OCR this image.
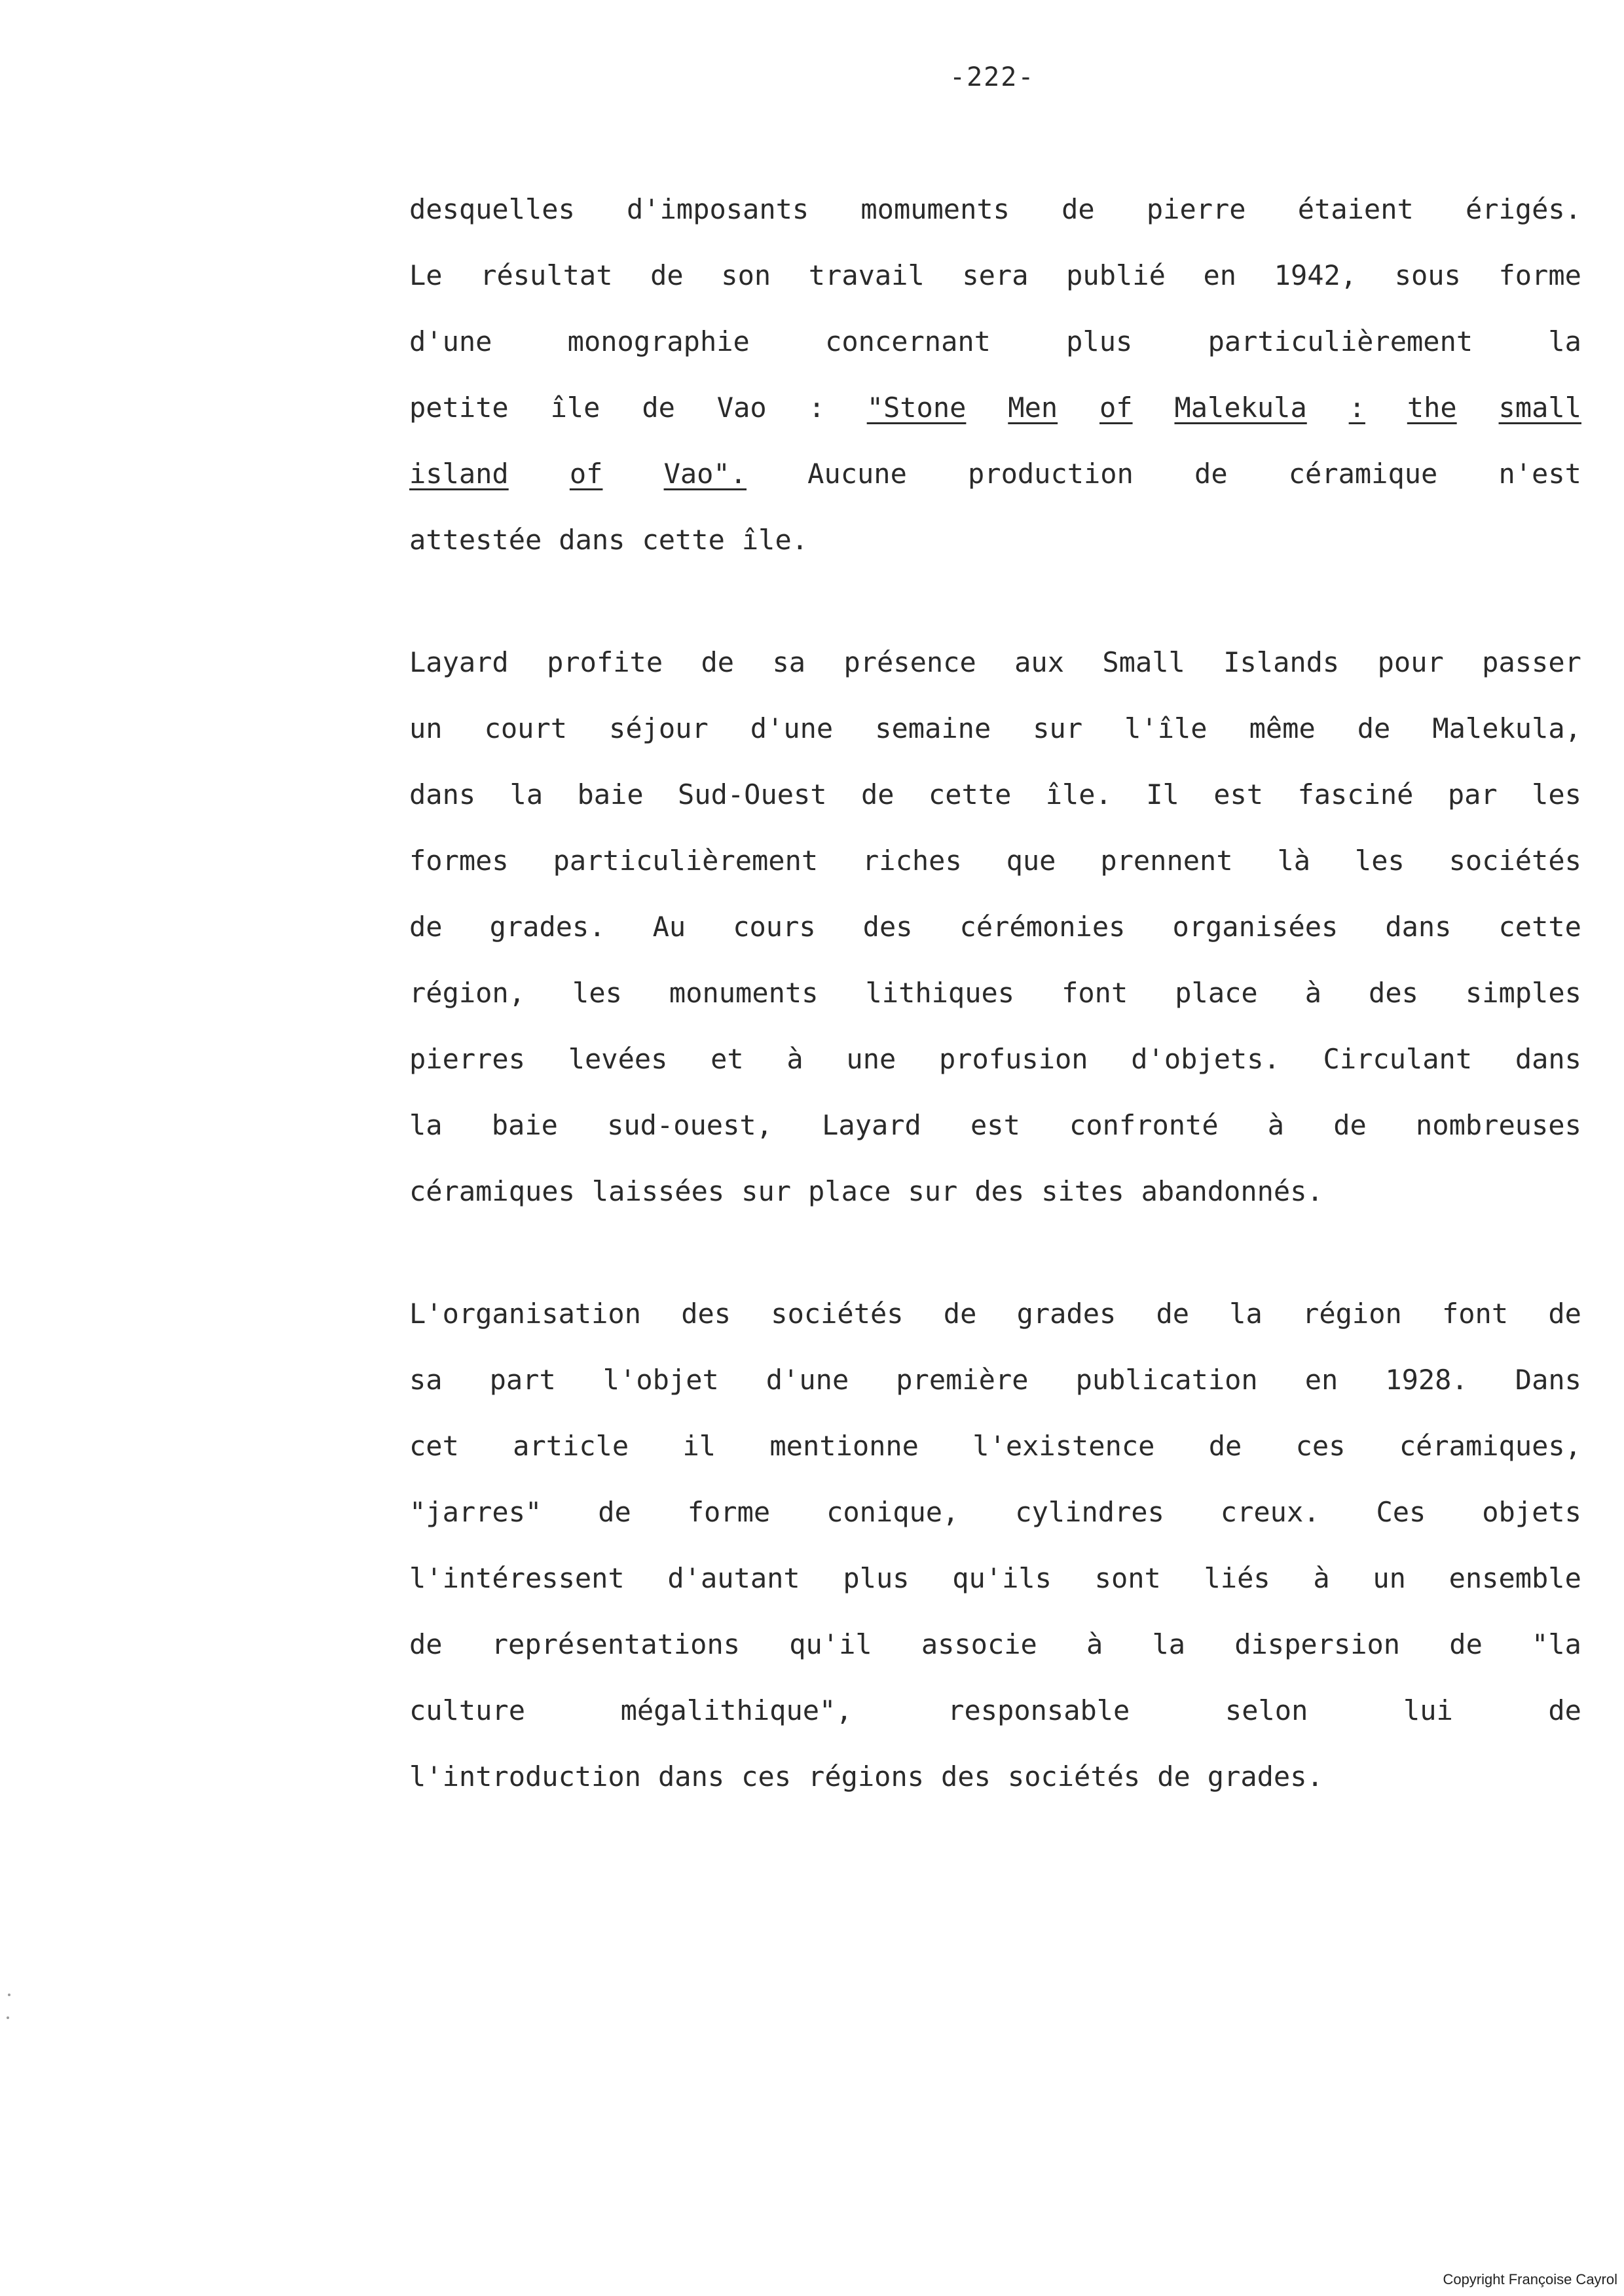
-222-
desquelles d'imposants momuments de pierre étaient érigés.
Le résultat de son travail sera publié en 1942, sous forme
d'une	monographie	concernant	plus	particulièrement	la
petite île de Vao : "Stone Men of Malekula : the small
island of Vao". Aucune production de céramique n'est
attestée dans cette île.
Layard profite de sa présence aux Small Islands pour passer
un court séjour d'une semaine sur l'île même de Malekula,
dans la baie Sud-Ouest de cette île. Il est fasciné par les
formes particulièrement riches que prennent là les sociétés
de grades. Au cours des cérémonies organisées dans cette
région, les monuments lithiques font place à des simples
pierres levées et à une profusion d'objets. Circulant dans
la baie sud-ouest, Layard est confronté à de nombreuses
céramiques laissées sur place sur des sites abandonnés.
L'organisation des sociétés de grades de la région font de
sa part l'objet d'une première publication en 1928. Dans
cet article il mentionne l'existence de ces céramiques,
"jarres" de forme conique, cylindres creux. Ces objets
l'intéressent d'autant plus qu'ils sont liés à un ensemble
de représentations qu'il associe à la dispersion de "la
culture	mégalithique",	responsable	selon	lui	de
l'introduction dans ces régions des sociétés de grades.
Copyright Françoise Cayrol
